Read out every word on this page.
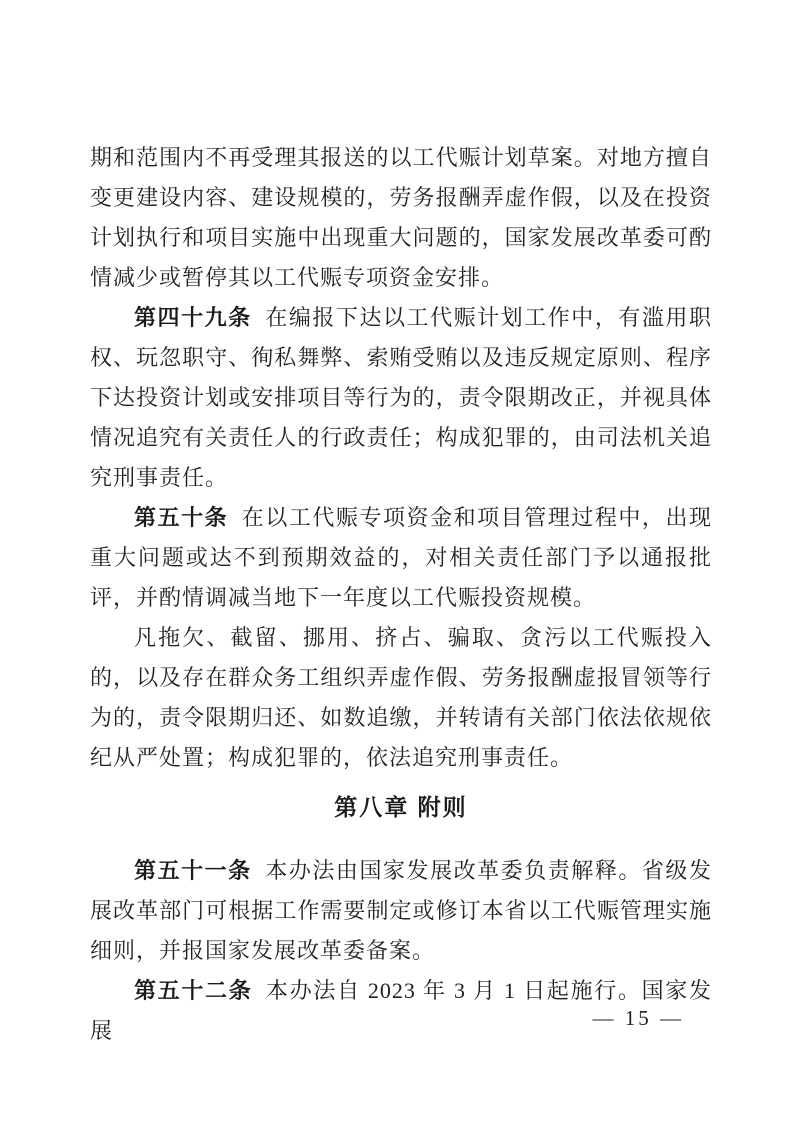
期和范围内不再受理其报送的以工代赈计划草案。对地方擅自变更建设内容、建设规模的，劳务报酬弄虚作假，以及在投资计划执行和项目实施中出现重大问题的，国家发展改革委可酌情减少或暂停其以工代赈专项资金安排。

第四十九条 在编报下达以工代赈计划工作中，有滥用职权、玩忽职守、徇私舞弊、索贿受贿以及违反规定原则、程序下达投资计划或安排项目等行为的，责令限期改正，并视具体情况追究有关责任人的行政责任；构成犯罪的，由司法机关追究刑事责任。

第五十条 在以工代赈专项资金和项目管理过程中，出现重大问题或达不到预期效益的，对相关责任部门予以通报批评，并酌情调减当地下一年度以工代赈投资规模。

凡拖欠、截留、挪用、挤占、骗取、贪污以工代赈投入的，以及存在群众务工组织弄虚作假、劳务报酬虚报冒领等行为的，责令限期归还、如数追缴，并转请有关部门依法依规依纪从严处置；构成犯罪的，依法追究刑事责任。

第八章 附则

第五十一条 本办法由国家发展改革委负责解释。省级发展改革部门可根据工作需要制定或修订本省以工代赈管理实施细则，并报国家发展改革委备案。

第五十二条 本办法自 2023 年 3 月 1 日起施行。国家发展	— 15 —
